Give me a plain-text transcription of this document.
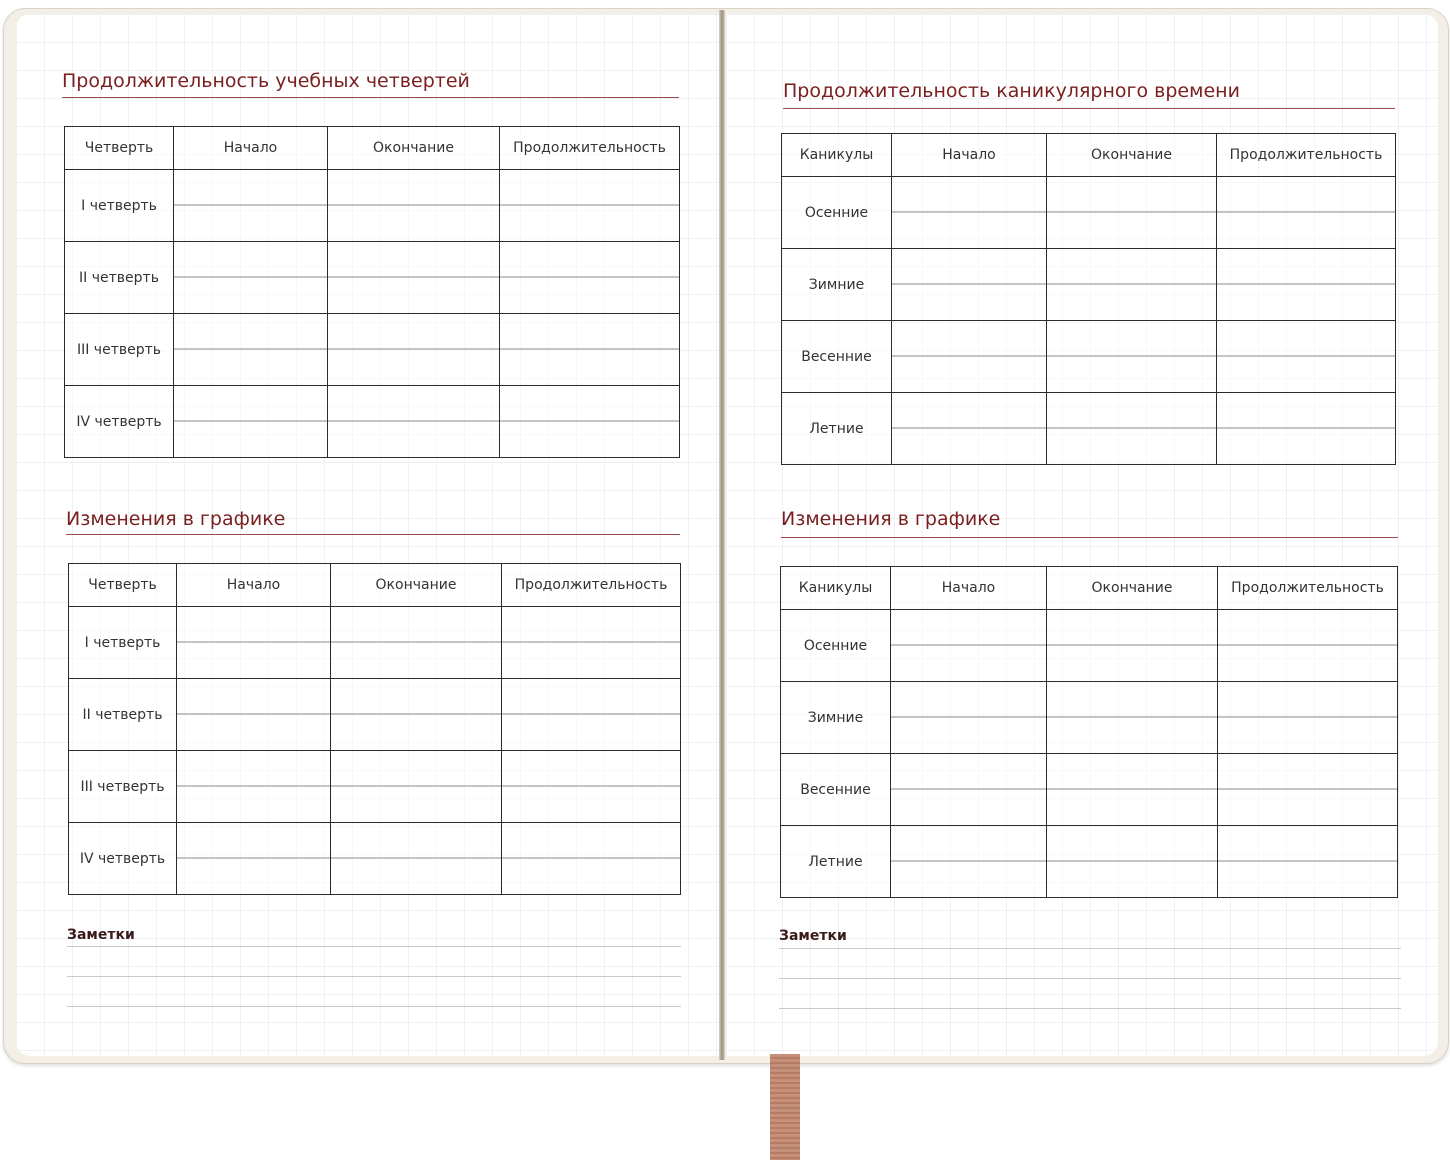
Продолжительность учебных четвертей
Четверть	Начало	Окончание	Продолжительность
I четверть			
II четверть			
III четверть			
IV четверть			
Изменения в графике
Четверть	Начало	Окончание	Продолжительность
I четверть			
II четверть			
III четверть			
IV четверть			
Заметки
Продолжительность каникулярного времени
Каникулы	Начало	Окончание	Продолжительность
Осенние			
Зимние			
Весенние			
Летние			
Изменения в графике
Каникулы	Начало	Окончание	Продолжительность
Осенние			
Зимние			
Весенние			
Летние			
Заметки
